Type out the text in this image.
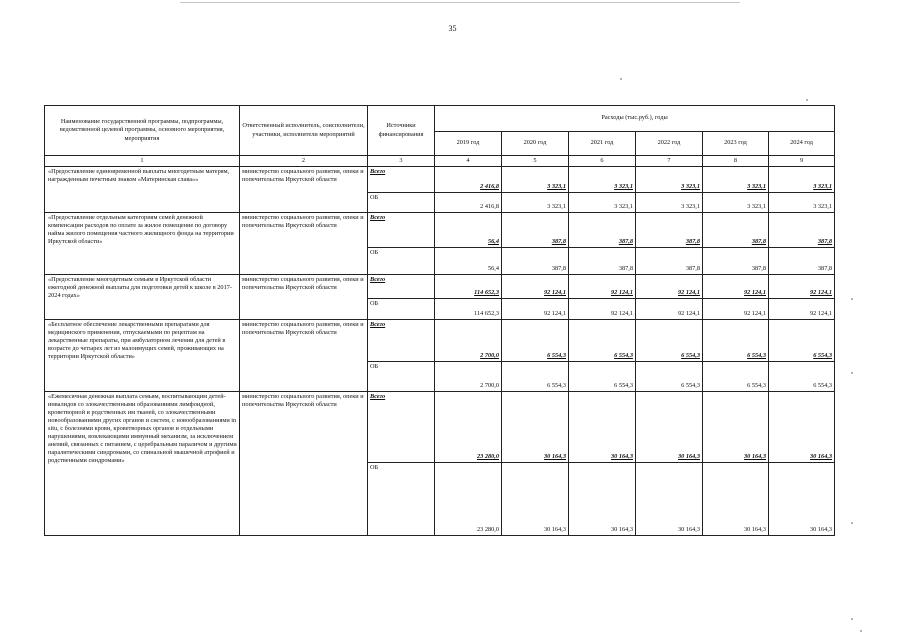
35
Наименование государственной программы, подпрограммы, ведомственной целевой программы, основного мероприятия, мероприятия	Ответственный исполнитель, соисполнители, участники, исполнители мероприятий	Источники финансирования	Расходы (тыс.руб.), годы					
			2019 год	2020 год	2021 год	2022 год	2023 год	2024 год
1	2	3	4	5	6	7	8	9
«Предоставление единовременной выплаты многодетным матерям, награжденным почетным знаком «Материнская слава»»	министерство социального развития, опеки и попечительства Иркутской области	Всего	2 416,8	3 323,1	3 323,1	3 323,1	3 323,1	3 323,1
		ОБ	2 416,8	3 323,1	3 323,1	3 323,1	3 323,1	3 323,1
«Предоставление отдельным категориям семей денежной компенсации расходов по оплате за жилое помещение по договору найма жилого помещения частного жилищного фонда на территории Иркутской области»	министерство социального развития, опеки и попечительства Иркутской области	Всего	56,4	387,8	387,8	387,8	387,8	387,8
		ОБ	56,4	387,8	387,8	387,8	387,8	387,8
«Предоставление многодетным семьям в Иркутской области ежегодной денежной выплаты для подготовки детей к школе в 2017-2024 годах»	министерство социального развития, опеки и попечительства Иркутской области	Всего	114 652,3	92 124,1	92 124,1	92 124,1	92 124,1	92 124,1
		ОБ	114 652,3	92 124,1	92 124,1	92 124,1	92 124,1	92 124,1
«Бесплатное обеспечение лекарственными препаратами для медицинского применения, отпускаемыми по рецептам на лекарственные препараты, при амбулаторном лечении для детей в возрасте до четырех лет из малоимущих семей, проживающих на территории Иркутской области»	министерство социального развития, опеки и попечительства Иркутской области	Всего	2 700,0	6 554,3	6 554,3	6 554,3	6 554,3	6 554,3
		ОБ	2 700,0	6 554,3	6 554,3	6 554,3	6 554,3	6 554,3
«Ежемесячная денежная выплата семьям, воспитывающим детей-инвалидов со злокачественными образованиями лимфоидной, кроветворной и родственных им тканей, со злокачественными новообразованиями других органов и систем, с новообразованиями in situ, с болезнями крови, кроветворных органов и отдельными нарушениями, вовлекающими иммунный механизм, за исключением анемий, связанных с питанием, с церебральным параличом и другими паралитическими синдромами, со спинальной мышечной атрофией и родственными синдромами»	министерство социального развития, опеки и попечительства Иркутской области	Всего	23 280,0	30 164,3	30 164,3	30 164,3	30 164,3	30 164,3
		ОБ	23 280,0	30 164,3	30 164,3	30 164,3	30 164,3	30 164,3
